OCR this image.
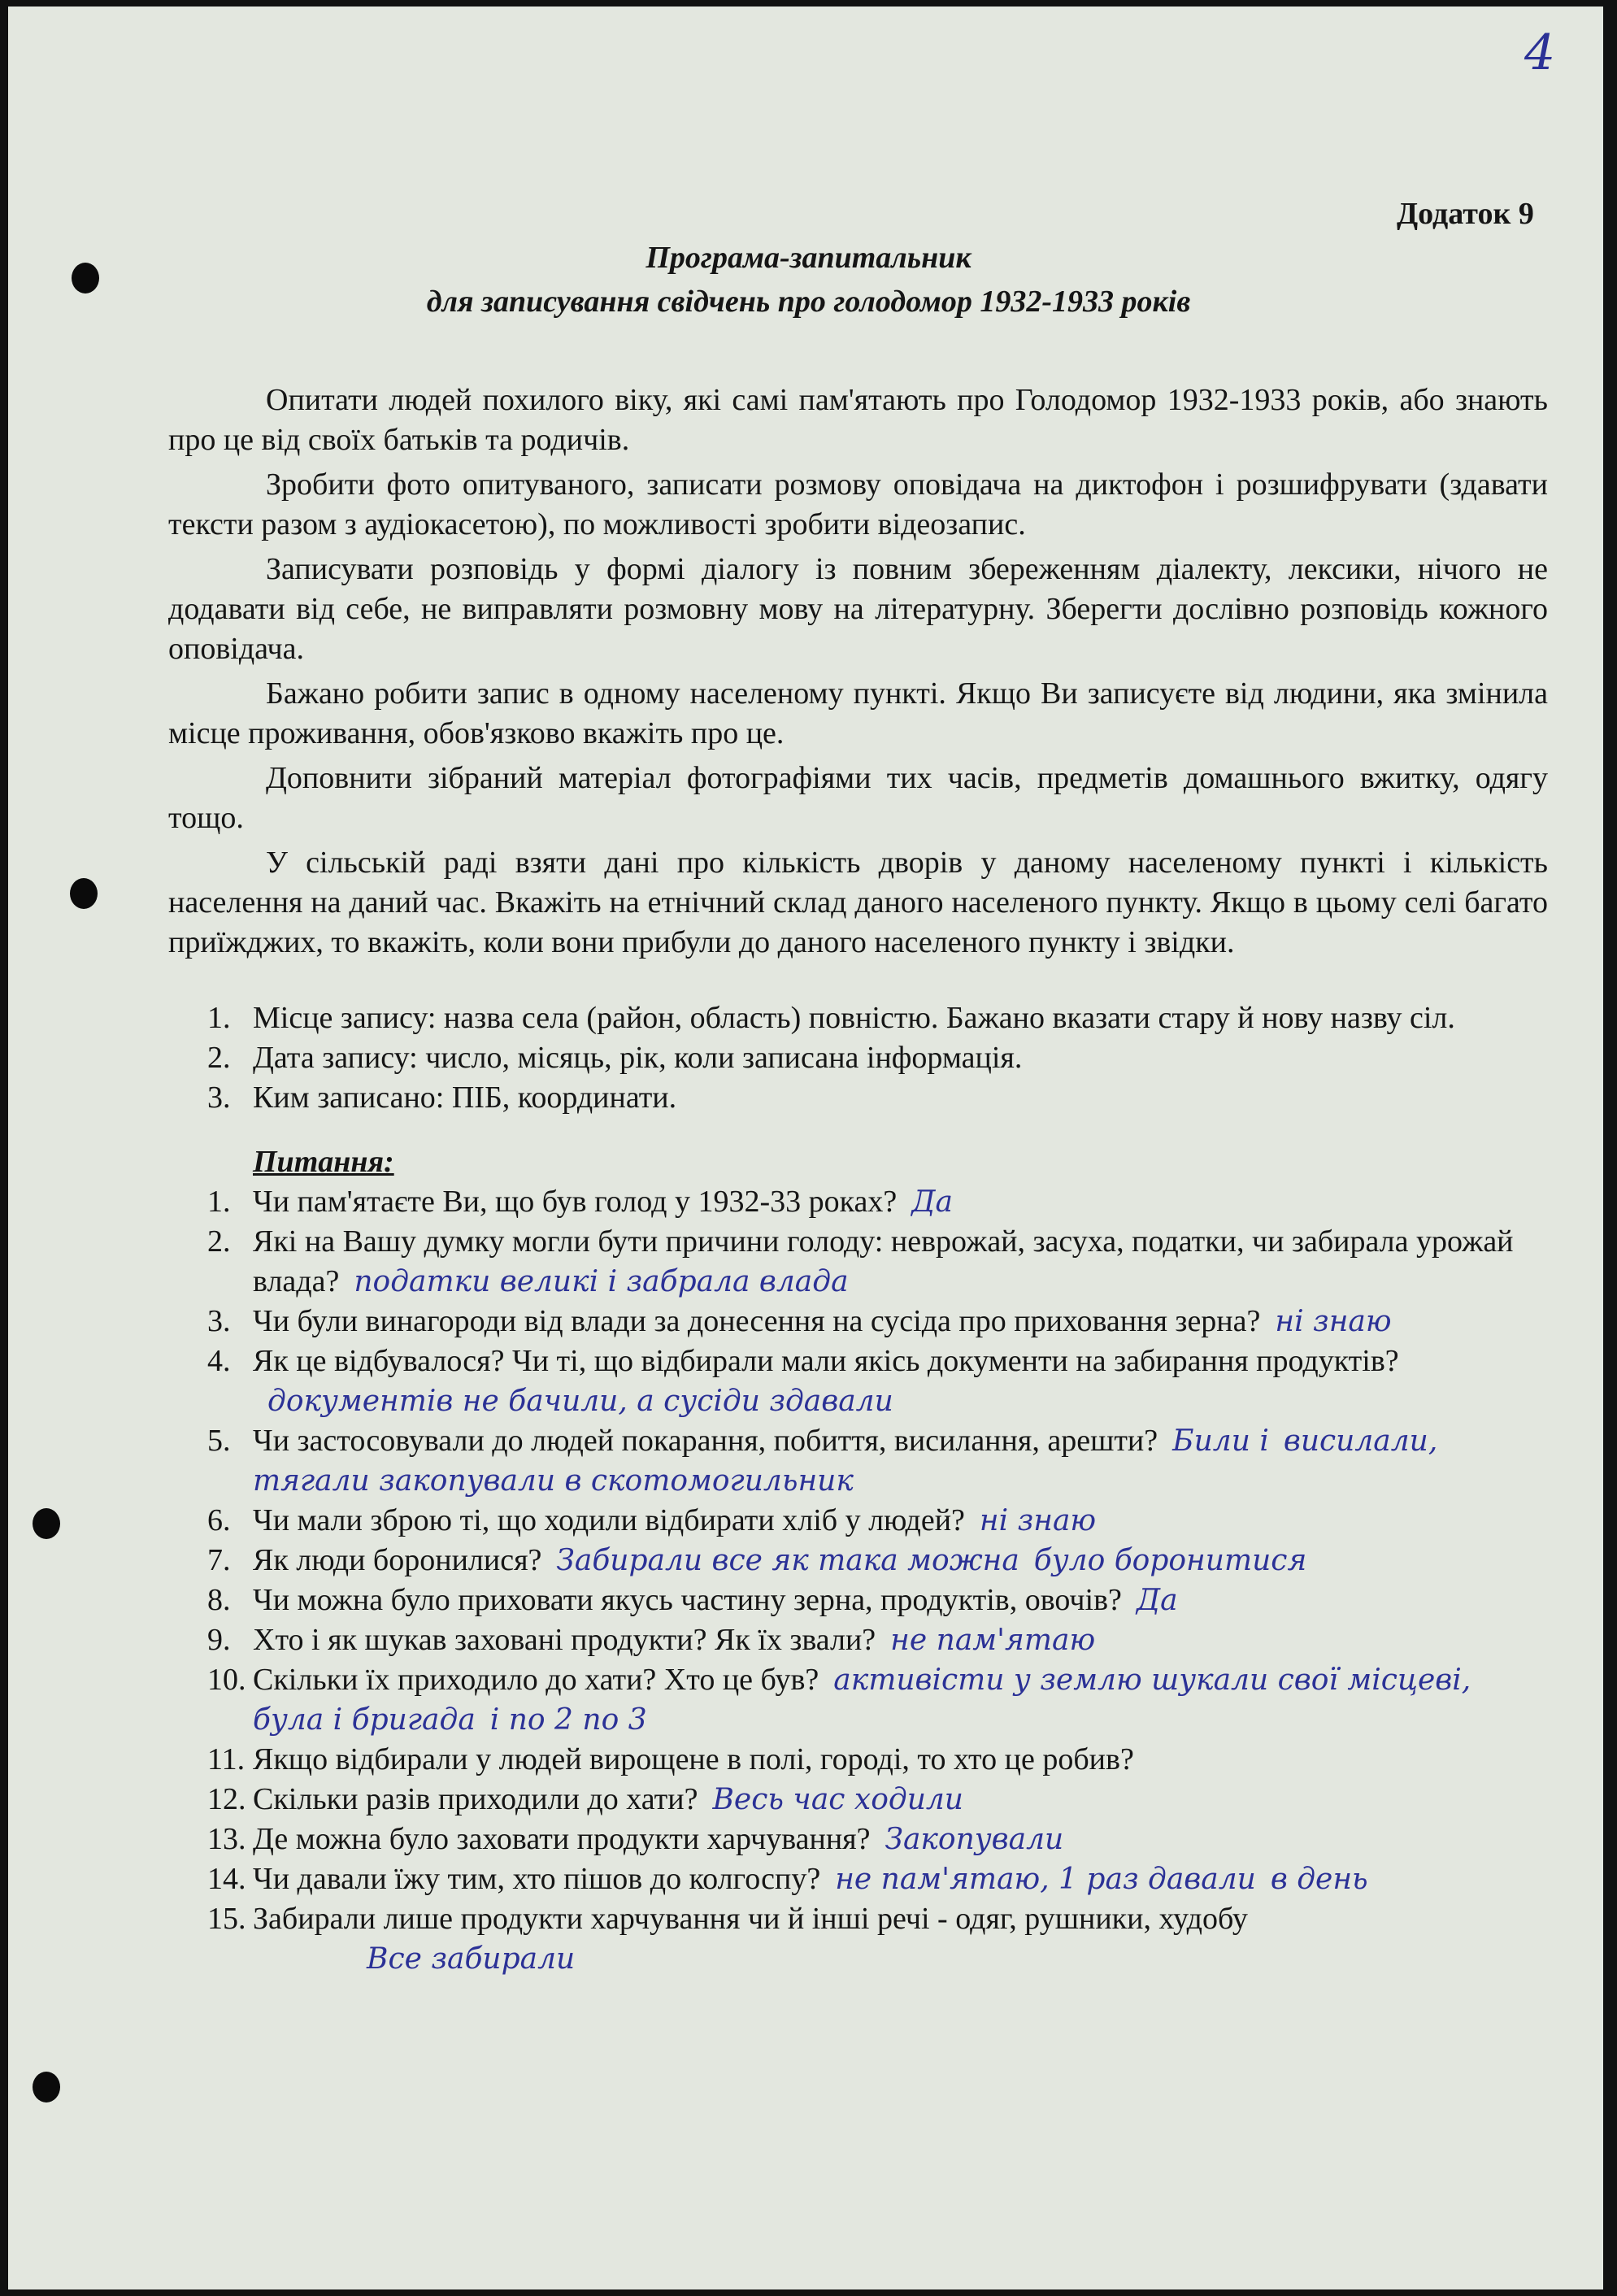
4
Додаток 9
Програма-запитальник
для записування свідчень про голодомор 1932-1933 років

Опитати людей похилого віку, які самі пам'ятають про Голодомор 1932-1933 років, або знають про це від своїх батьків та родичів.

Зробити фото опитуваного, записати розмову оповідача на диктофон і розшифрувати (здавати тексти разом з аудіокасетою), по можливості зробити відеозапис.

Записувати розповідь у формі діалогу із повним збереженням діалекту, лексики, нічого не додавати від себе, не виправляти розмовну мову на літературну. Зберегти дослівно розповідь кожного оповідача.

Бажано робити запис в одному населеному пункті. Якщо Ви записуєте від людини, яка змінила місце проживання, обов'язково вкажіть про це.

Доповнити зібраний матеріал фотографіями тих часів, предметів домашнього вжитку, одягу тощо.

У сільській раді взяти дані про кількість дворів у даному населеному пункті і кількість населення на даний час. Вкажіть на етнічний склад даного населеного пункту. Якщо в цьому селі багато приїжджих, то вкажіть, коли вони прибули до даного населеного пункту і звідки.

1. Місце запису: назва села (район, область) повністю. Бажано вказати стару й нову назву сіл.
2. Дата запису: число, місяць, рік, коли записана інформація.
3. Ким записано: ПІБ, координати.
Питання:
1. Чи пам'ятаєте Ви, що був голод у 1932-33 роках? Да
2. Які на Вашу думку могли бути причини голоду: неврожай, засуха, податки, чи забирала урожай влада? податки великі і забрала влада
3. Чи були винагороди від влади за донесення на сусіда про приховання зерна? ні знаю
4. Як це відбувалося? Чи ті, що відбирали мали якісь документи на забирання продуктів?документів не бачили, а сусіди здавали
5. Чи застосовували до людей покарання, побиття, висилання, арешти? Били і висилали, тягали закопували в скотомогильник
6. Чи мали зброю ті, що ходили відбирати хліб у людей? ні знаю
7. Як люди боронилися? Забирали все як така можна було боронитися
8. Чи можна було приховати якусь частину зерна, продуктів, овочів? Да
9. Хто і як шукав заховані продукти? Як їх звали? не пам'ятаю
10. Скільки їх приходило до хати? Хто це був? активісти у землю шукали свої місцеві, була і бригада і по 2 по 3
11. Якщо відбирали у людей вирощене в полі, городі, то хто це робив?
12. Скільки разів приходили до хати? Весь час ходили
13. Де можна було заховати продукти харчування? Закопували
14. Чи давали їжу тим, хто пішов до колгоспу? не пам'ятаю, 1 раз давали в день
15. Забирали лише продукти харчування чи й інші речі - одяг, рушники, худобу
Все забирали
